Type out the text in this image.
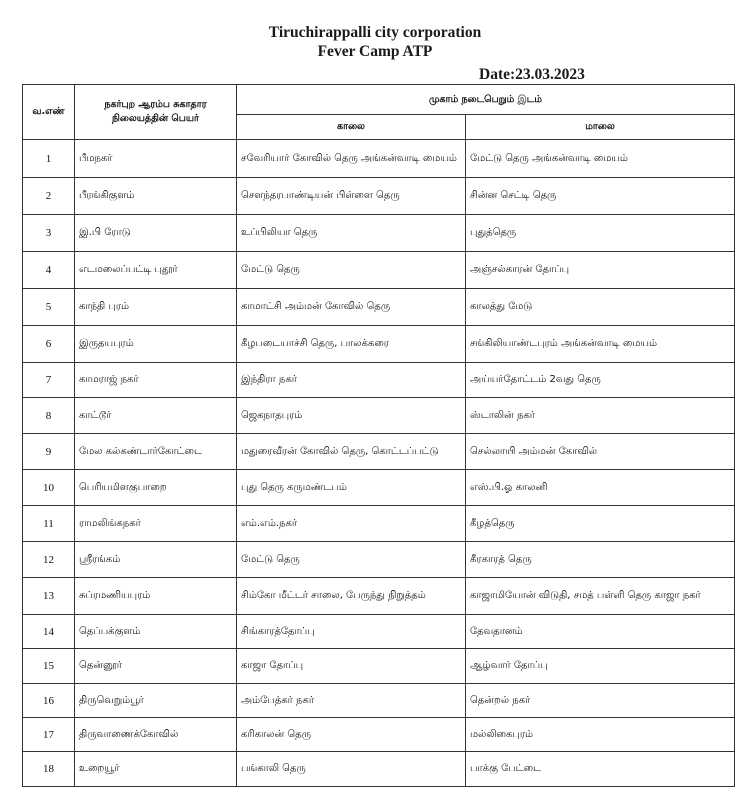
Tiruchirappalli city corporation
Fever Camp ATP
Date:23.03.2023
வ.எண்	நகர்புற ஆரம்ப சுகாதார நிலையத்தின் பெயர்	முகாம் நடைபெறும் இடம்	
		காலை	மாலை
1	பீமநகர்	சவேரியார் கோவில் தெரு அங்கன்வாடி மையம்	மேட்டு தெரு அங்கன்வாடி மையம்
2	பீரங்கிகுளம்	சௌந்தரபாண்டியன் பிள்ளை தெரு	சின்ன செட்டி தெரு
3	இ.பி ரோடு	உப்பிலியா தெரு	புதுத்தெரு
4	எடமலைப்பட்டி புதூர்	மேட்டு தெரு	அஞ்சல்காரன் தோப்பு
5	காந்தி புரம்	காமாட்சி அம்மன் கோவில் தெரு	காலத்து மேடு
6	இருதயபுரம்	கீழபடையாச்சி தெரு, பாலக்கரை	சங்கிலியாண்டபுரம் அங்கன்வாடி மையம்
7	காமராஜ் நகர்	இந்திரா நகர்	அய்யர்தோட்டம் 2வது தெரு
8	காட்டூர்	ஜெகநாதபுரம்	ஸ்டாலின் நகர்
9	மேல கல்கண்டார்கோட்டை	மதுரைவீரன் கோவில் தெரு, கொட்டப்பட்டு	செல்லாயி அம்மன் கோவில்
10	பெரியமிளகுபாறை	புது தெரு கருமண்டபம்	எஸ்.பி.ஓ காலனி
11	ராமலிங்கநகர்	எம்.எம்.நகர்	கீழத்தெரு
12	ஸ்ரீரங்கம்	மேட்டு தெரு	கீரகாரத் தெரு
13	சுப்ரமணியபுரம்	சிம்கோ மீட்டர் சாலை, பேருந்து நிறுத்தம்	காஜாமியோன் விடுதி, சமத் பள்ளி தெரு காஜா நகர்
14	தெப்பக்குளம்	சிங்காரத்தோப்பு	தேவதானம்
15	தென்னூர்	காஜா தோப்பு	ஆழ்வார் தோப்பு
16	திருவெறும்பூர்	அம்பேத்கர் நகர்	தென்றல் நகர்
17	திருவாணைக்கோவில்	கரிகாலன் தெரு	மல்லிகைபுரம்
18	உறையூர்	பங்காலி தெரு	பாக்கு பேட்டை
